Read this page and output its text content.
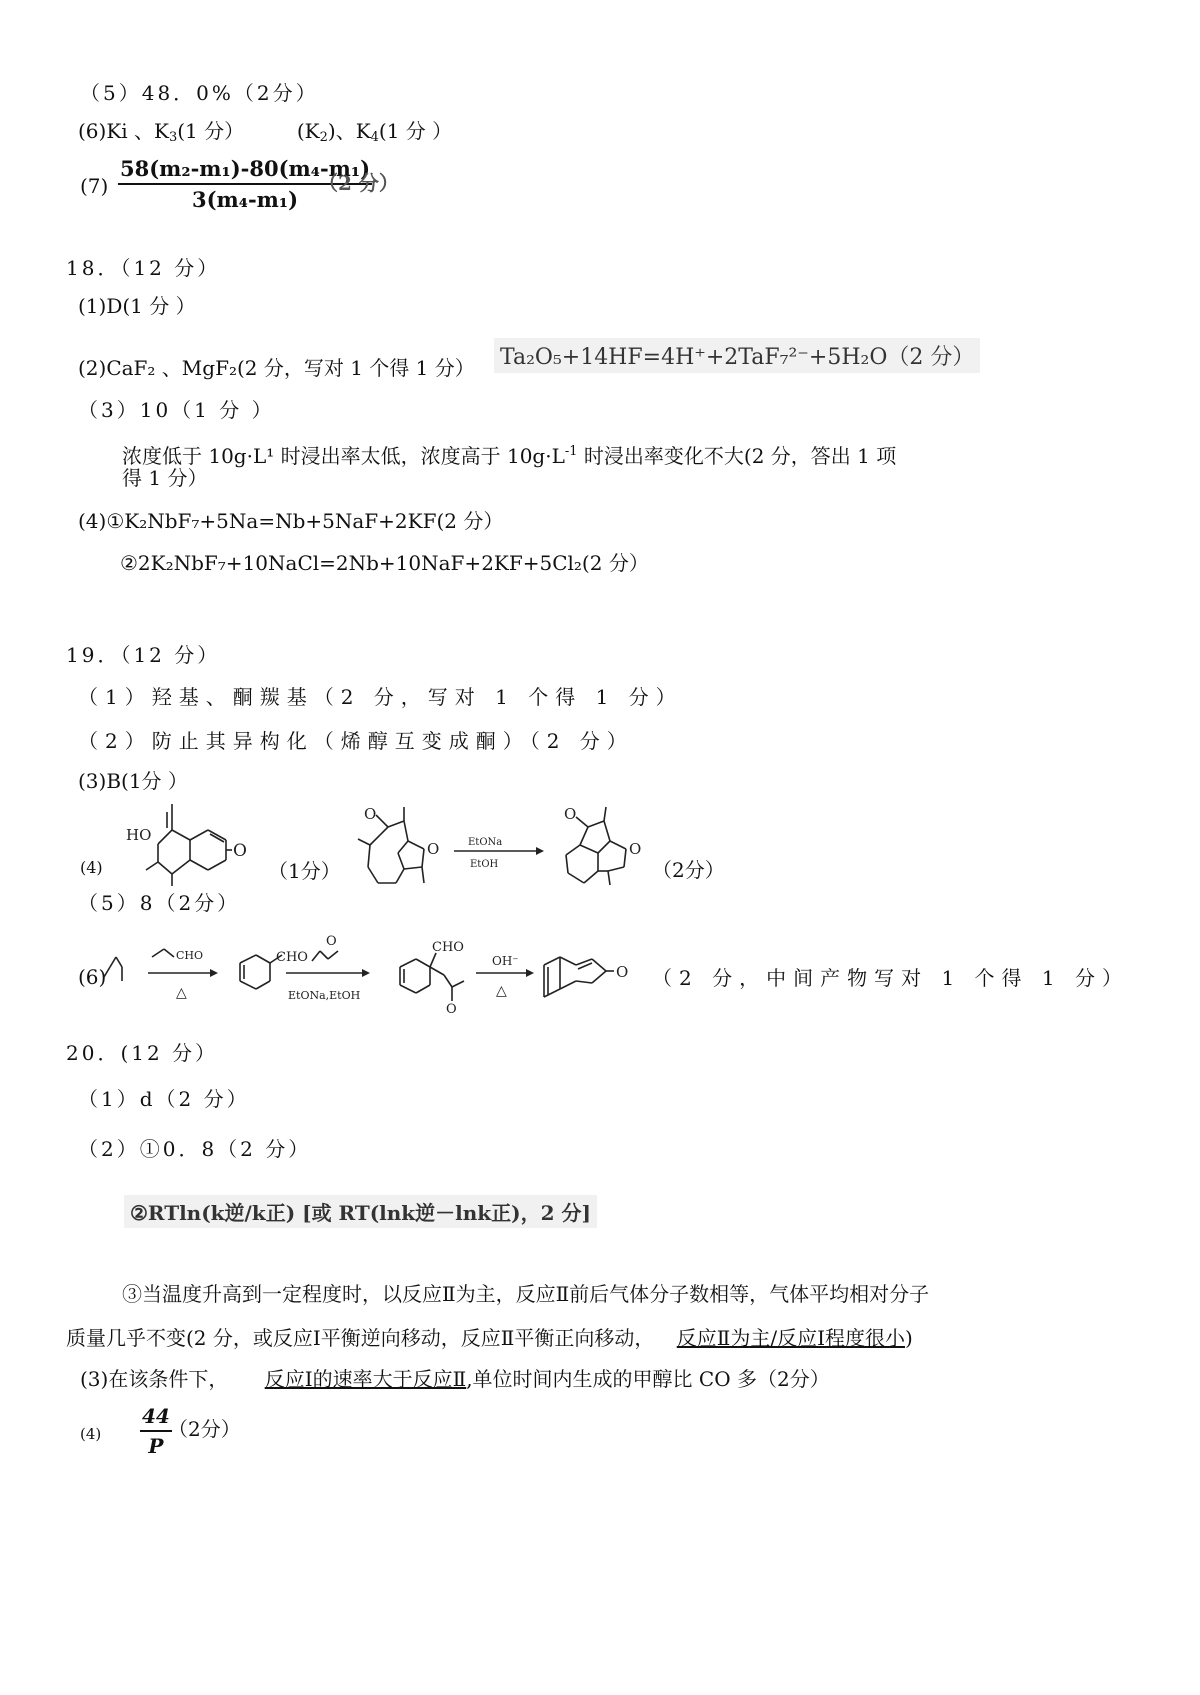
（5）48．0%（2分）
(6)Ki 、$K_3(1$ 分）	$(K_2)$、$K_4(1$ 分 ）
$(7) \frac{\text{58(m₂-m₁)-80(m₄-m₁)}}{\text{3(m₄-m₁)}}$
（2 分）
18．（12 分）
(1)D(1 分 ）
(2)CaF₂ 、MgF₂(2 分，写对 1 个得 1 分） Ta₂O₅+14HF=4H⁺+2TaF₇²⁻+5H₂O（2 分）
（3）10（1 分 ）
浓度低于 10g·L¹ 时浸出率太低，浓度高于 $10g\cdot L^{-1}$ 时浸出率变化不大(2 分，答出 1 项
得 1 分）
(4)①K₂NbF₇+5Na=Nb+5NaF+2KF(2 分）
②2K₂NbF₇+10NaCl=2Nb+10NaF+2KF+5Cl₂(2 分）
19．（12 分）
（1）羟基、酮羰基（2 分，写对 1 个得 1 分）
（2）防止其异构化（烯醇互变成酮）（2 分）
(3)B(1分 ）
(4)
HO
O
（1分）
O
O	EtONa
EtOH
O
O
（2分）
（5）8（2分）
(6)
CHO
△
CHO
O
EtONa,EtOH
CHO
O
OH⁻
△
O （2 分，中间产物写对 1 个得 1 分）
20．(12 分）
（1）d（2 分）
（2）①0．8（2 分）
②RTln(k逆/k正) [或 RT(lnk逆－lnk正)，2 分]
③当温度升高到一定程度时，以反应Ⅱ为主，反应Ⅱ前后气体分子数相等，气体平均相对分子
质量几乎不变(2 分，或反应Ⅰ平衡逆向移动，反应Ⅱ平衡正向移动， 反应Ⅱ为主/反应Ⅰ程度很小)
(3)在该条件下， 反应Ⅰ的速率大于反应Ⅱ,单位时间内生成的甲醇比 CO 多（2分）
$(4) \frac{44}{P}$
（2分）
